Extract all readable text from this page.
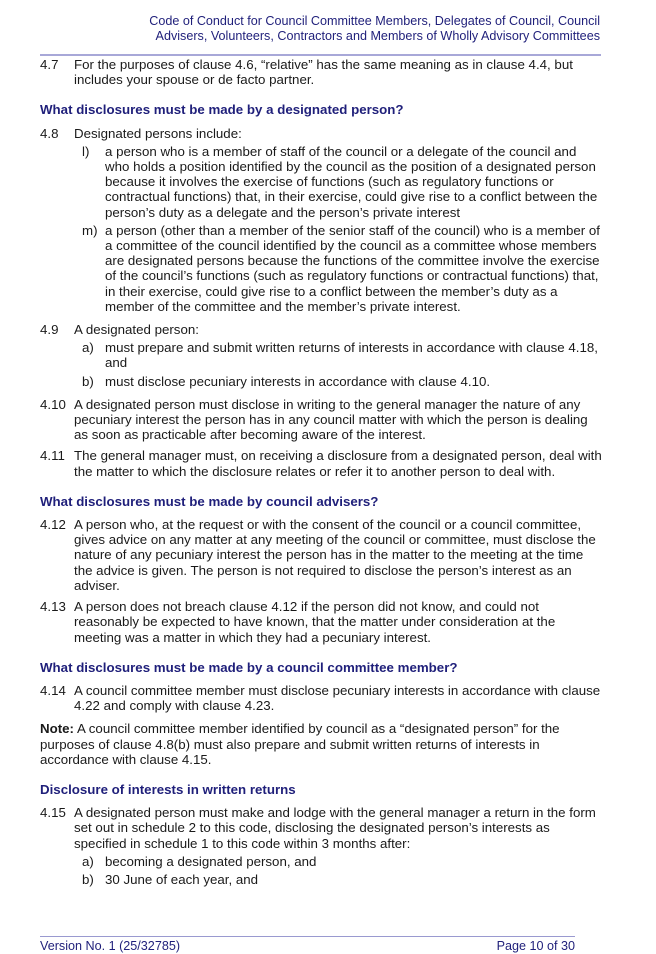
Code of Conduct for Council Committee Members, Delegates of Council, Council
Advisers, Volunteers, Contractors and Members of Wholly Advisory Committees
4.7	For the purposes of clause 4.6, “relative” has the same meaning as in clause 4.4, but includes your spouse or de facto partner.
What disclosures must be made by a designated person?
4.8	Designated persons include:
l)	a person who is a member of staff of the council or a delegate of the council and who holds a position identified by the council as the position of a designated person because it involves the exercise of functions (such as regulatory functions or contractual functions) that, in their exercise, could give rise to a conflict between the person’s duty as a delegate and the person’s private interest
m) a person (other than a member of the senior staff of the council) who is a member of a committee of the council identified by the council as a committee whose members are designated persons because the functions of the committee involve the exercise of the council’s functions (such as regulatory functions or contractual functions) that, in their exercise, could give rise to a conflict between the member’s duty as a member of the committee and the member’s private interest.
4.9	A designated person:
a) must prepare and submit written returns of interests in accordance with clause 4.18, and
b) must disclose pecuniary interests in accordance with clause 4.10.
4.10 A designated person must disclose in writing to the general manager the nature of any pecuniary interest the person has in any council matter with which the person is dealing as soon as practicable after becoming aware of the interest.
4.11 The general manager must, on receiving a disclosure from a designated person, deal with the matter to which the disclosure relates or refer it to another person to deal with.
What disclosures must be made by council advisers?
4.12 A person who, at the request or with the consent of the council or a council committee, gives advice on any matter at any meeting of the council or committee, must disclose the nature of any pecuniary interest the person has in the matter to the meeting at the time the advice is given. The person is not required to disclose the person’s interest as an adviser.
4.13 A person does not breach clause 4.12 if the person did not know, and could not reasonably be expected to have known, that the matter under consideration at the meeting was a matter in which they had a pecuniary interest.
What disclosures must be made by a council committee member?
4.14 A council committee member must disclose pecuniary interests in accordance with clause 4.22 and comply with clause 4.23.
Note: A council committee member identified by council as a “designated person” for the purposes of clause 4.8(b) must also prepare and submit written returns of interests in accordance with clause 4.15.
Disclosure of interests in written returns
4.15 A designated person must make and lodge with the general manager a return in the form set out in schedule 2 to this code, disclosing the designated person’s interests as specified in schedule 1 to this code within 3 months after:
a) becoming a designated person, and
b) 30 June of each year, and
Version No. 1 (25/32785)	Page 10 of 30
